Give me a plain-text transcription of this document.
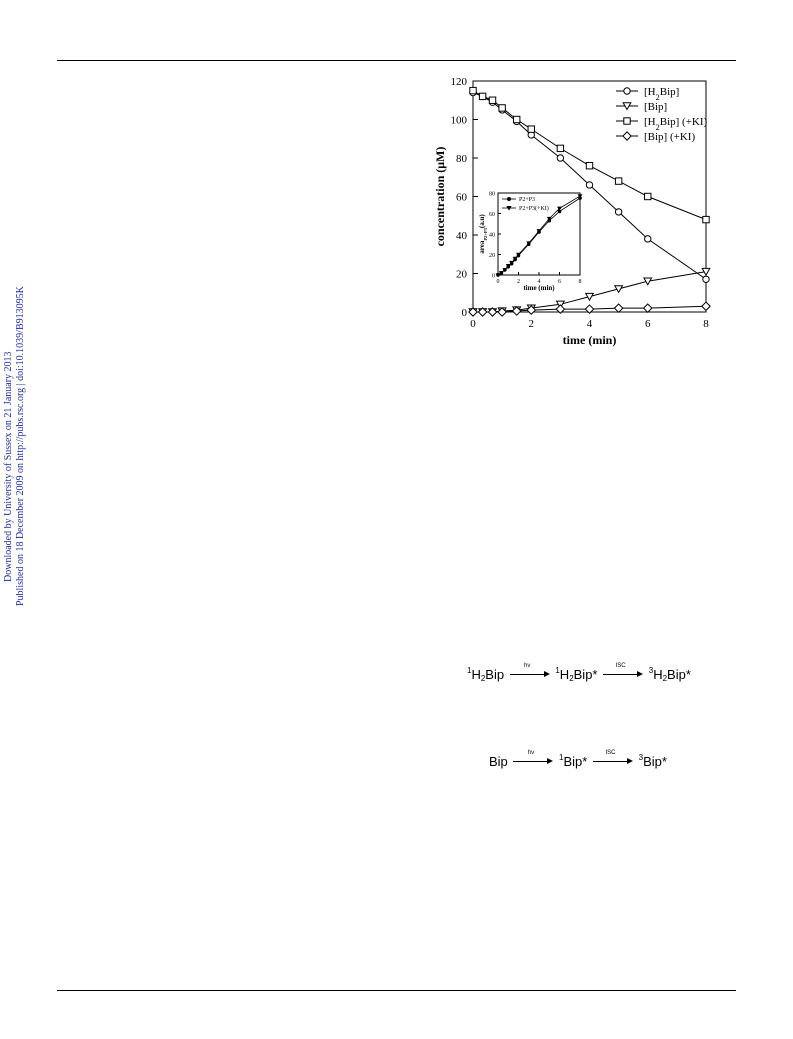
Downloaded by University of Sussex on 21 January 2013 Published on 18 December 2009 on http://pubs.rsc.org | doi:10.1039/B913095K	0
20
40
60
80
100
120
0	2	4	6	8
time (min)
concentration (μM)
$[H_2Bip]$
[Bip]
$[H_2Bip]$ (+KI)
[Bip] (+KI)
0
20
40
60
80
0	2	4	6	8
time (min)
area$_{P2+P3}$(a.u)
P2+P3
P2+P3(+KI)
$^1H_2Bip$
hν	$^1H_2Bip*$
ISC	$^3H_2Bip*$
Bip
hν	$^1$Bip*
ISC	$^3$Bip*
